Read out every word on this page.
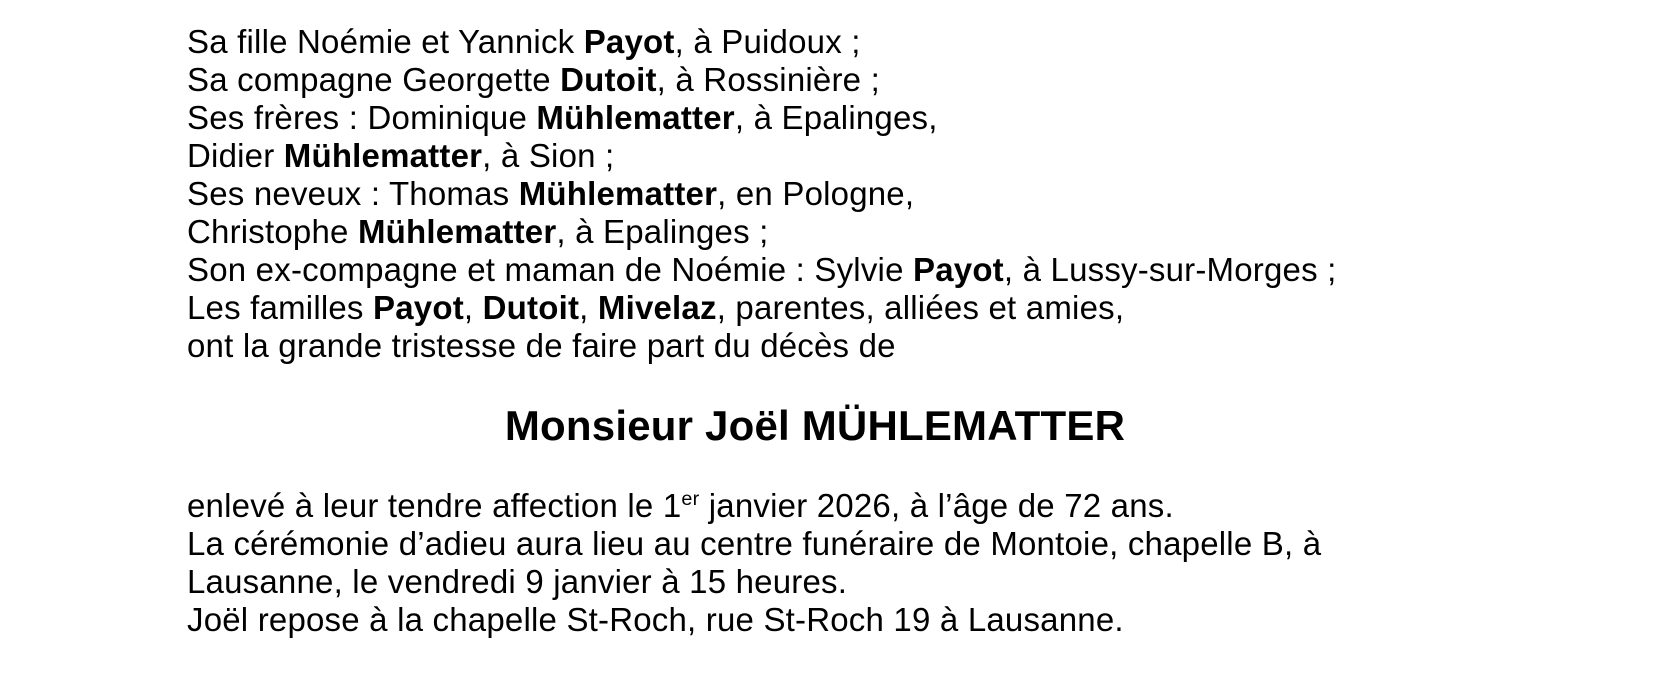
Sa fille Noémie et Yannick Payot, à Puidoux ;
Sa compagne Georgette Dutoit, à Rossinière ;
Ses frères : Dominique Mühlematter, à Epalinges,
Didier Mühlematter, à Sion ;
Ses neveux : Thomas Mühlematter, en Pologne,
Christophe Mühlematter, à Epalinges ;
Son ex-compagne et maman de Noémie : Sylvie Payot, à Lussy-sur-Morges ;
Les familles Payot, Dutoit, Mivelaz, parentes, alliées et amies,
ont la grande tristesse de faire part du décès de
Monsieur Joël MÜHLEMATTER
enlevé à leur tendre affection le 1er janvier 2026, à l’âge de 72 ans.
La cérémonie d’adieu aura lieu au centre funéraire de Montoie, chapelle B, à
Lausanne, le vendredi 9 janvier à 15 heures.
Joël repose à la chapelle St-Roch, rue St-Roch 19 à Lausanne.
